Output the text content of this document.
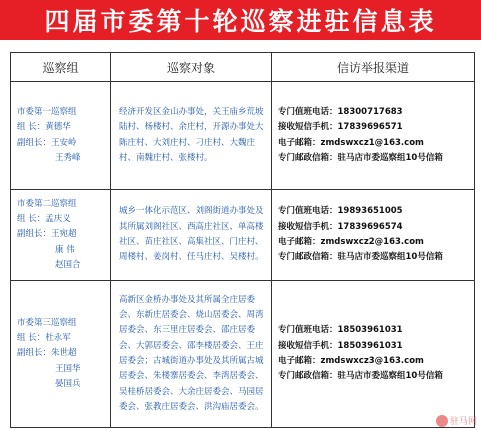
四届市委第十轮巡察进驻信息表
巡察组	巡察对象	信访举报渠道

市委第一巡察组
组 长：黄德华
副组长：王安岭
王秀峰	经济开发区金山办事处，关王庙乡荒坡陆村、杨楼村、余庄村，开源办事处大陈庄村、大刘庄村、刁庄村、大魏庄村、南魏庄村、张楼村。	专门值班电话：18300717683
接收短信手机：17839696571
电子邮箱：zmdswxcz1@163.com
专门邮政信箱：驻马店市委巡察组10号信箱

市委第二巡察组
组 长：孟庆义
副组长：王宛超
康 伟
赵国合	城乡一体化示范区、刘阁街道办事处及其所属刘阁社区、西高庄社区、单高楼社区、苗庄社区、高集社区、门庄村、周楼村、姜岗村、任马庄村、吴楼村。	专门值班电话：19893651005
接收短信手机：17839696574
电子邮箱：zmdswxcz2@163.com
专门邮政信箱：驻马店市委巡察组10号信箱

市委第三巡察组
组 长：杜永军
副组长：朱世超
王国华
晏国兵	高新区金桥办事处及其所属全庄居委会、东新庄居委会、烧山居委会、周湾居委会、东三里庄居委会、邵庄居委会、大郭居委会、邵李楼居委会、王庄居委会；古城街道办事处及其所属古城居委会、朱楼寨居委会、李湾居委会、吴桂桥居委会、大余庄居委会、马园居委会、张教庄居委会、洪沟庙居委会。	专门值班电话：18503961031
接收短信手机：18503961031
电子邮箱：zmdswxcz3@163.com
专门邮政信箱：驻马店市委巡察组10号信箱
驻马网
